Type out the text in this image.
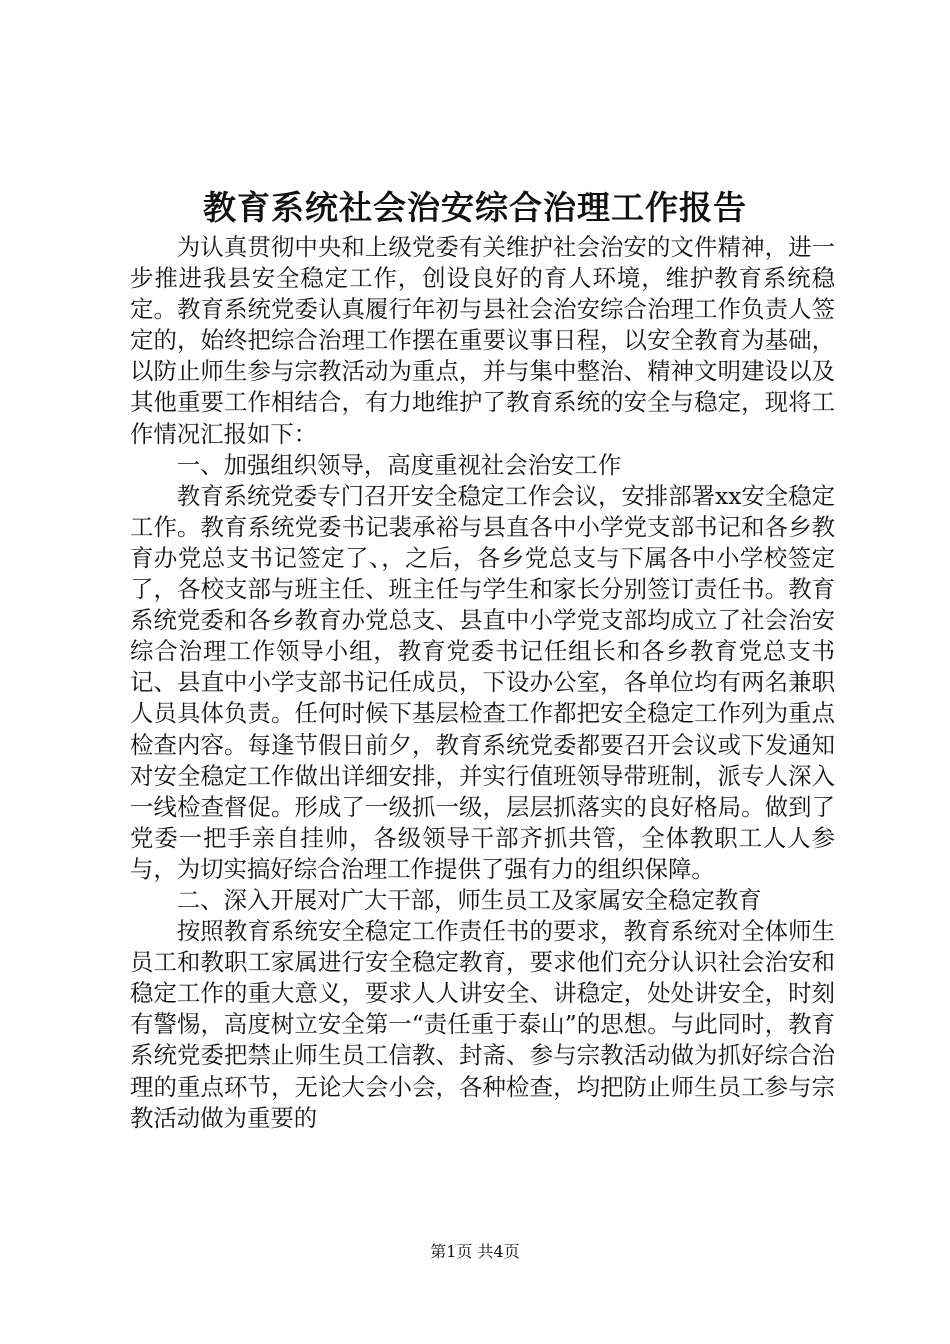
教育系统社会治安综合治理工作报告

为认真贯彻中央和上级党委有关维护社会治安的文件精神，进一步推进我县安全稳定工作，创设良好的育人环境，维护教育系统稳定。教育系统党委认真履行年初与县社会治安综合治理工作负责人签定的，始终把综合治理工作摆在重要议事日程，以安全教育为基础，以防止师生参与宗教活动为重点，并与集中整治、精神文明建设以及其他重要工作相结合，有力地维护了教育系统的安全与稳定，现将工作情况汇报如下：

一、加强组织领导，高度重视社会治安工作

教育系统党委专门召开安全稳定工作会议，安排部署xx安全稳定工作。教育系统党委书记裴承裕与县直各中小学党支部书记和各乡教育办党总支书记签定了、，之后，各乡党总支与下属各中小学校签定了，各校支部与班主任、班主任与学生和家长分别签订责任书。教育系统党委和各乡教育办党总支、县直中小学党支部均成立了社会治安综合治理工作领导小组，教育党委书记任组长和各乡教育党总支书记、县直中小学支部书记任成员，下设办公室，各单位均有两名兼职人员具体负责。任何时候下基层检查工作都把安全稳定工作列为重点检查内容。每逢节假日前夕，教育系统党委都要召开会议或下发通知对安全稳定工作做出详细安排，并实行值班领导带班制，派专人深入一线检查督促。形成了一级抓一级，层层抓落实的良好格局。做到了党委一把手亲自挂帅，各级领导干部齐抓共管，全体教职工人人参与，为切实搞好综合治理工作提供了强有力的组织保障。

二、深入开展对广大干部，师生员工及家属安全稳定教育

按照教育系统安全稳定工作责任书的要求，教育系统对全体师生员工和教职工家属进行安全稳定教育，要求他们充分认识社会治安和稳定工作的重大意义，要求人人讲安全、讲稳定，处处讲安全，时刻有警惕，高度树立安全第一“责任重于泰山”的思想。与此同时，教育系统党委把禁止师生员工信教、封斋、参与宗教活动做为抓好综合治理的重点环节，无论大会小会，各种检查，均把防止师生员工参与宗教活动做为重要的

第1页 共4页
